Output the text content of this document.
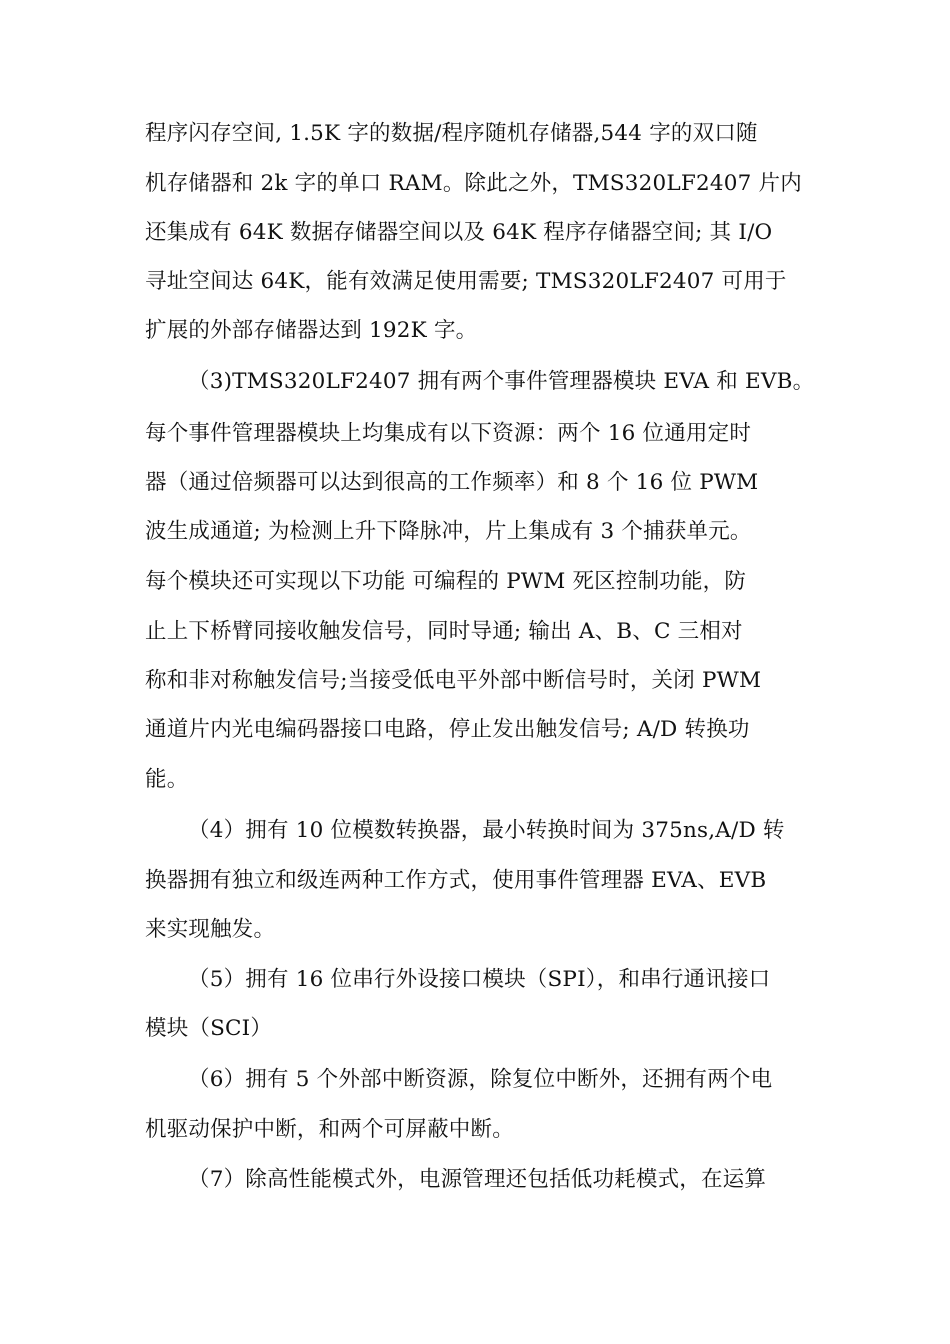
程序闪存空间, 1.5K 字的数据/程序随机存储器,544 字的双口随
机存储器和 2k 字的单口 RAM。除此之外，TMS320LF2407 片内
还集成有 64K 数据存储器空间以及 64K 程序存储器空间; 其 I/O
寻址空间达 64K，能有效满足使用需要; TMS320LF2407 可用于
扩展的外部存储器达到 192K 字。
（3)TMS320LF2407 拥有两个事件管理器模块 EVA 和 EVB。
每个事件管理器模块上均集成有以下资源：两个 16 位通用定时
器（通过倍频器可以达到很高的工作频率）和 8 个 16 位 PWM
波生成通道; 为检测上升下降脉冲，片上集成有 3 个捕获单元。
每个模块还可实现以下功能 可编程的 PWM 死区控制功能，防
止上下桥臂同接收触发信号，同时导通; 输出 A、B、C 三相对
称和非对称触发信号;当接受低电平外部中断信号时，关闭 PWM
通道片内光电编码器接口电路，停止发出触发信号; A/D 转换功
能。
（4）拥有 10 位模数转换器，最小转换时间为 375ns,A/D 转
换器拥有独立和级连两种工作方式，使用事件管理器 EVA、EVB
来实现触发。
（5）拥有 16 位串行外设接口模块（SPI），和串行通讯接口
模块（SCI）
（6）拥有 5 个外部中断资源，除复位中断外，还拥有两个电
机驱动保护中断，和两个可屏蔽中断。
（7）除高性能模式外，电源管理还包括低功耗模式，在运算
